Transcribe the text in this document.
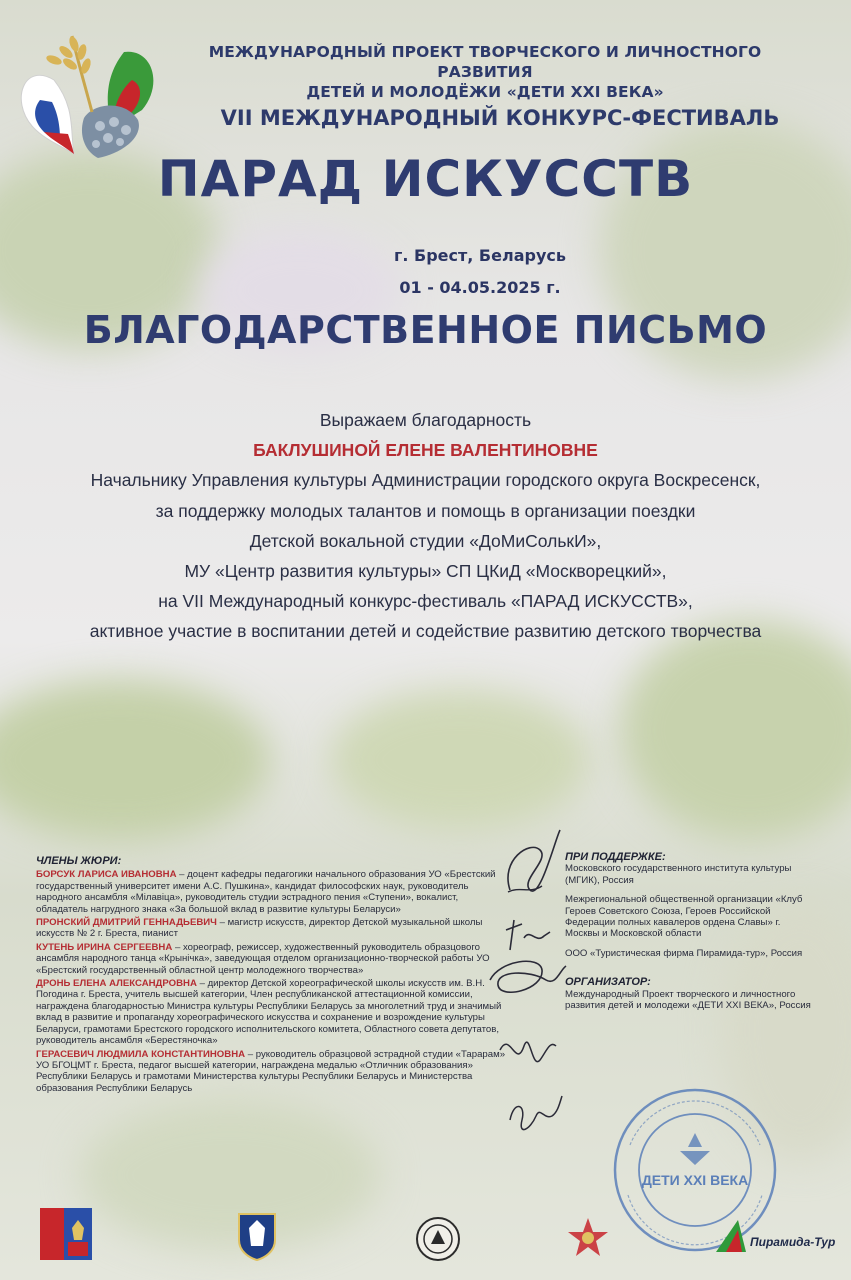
МЕЖДУНАРОДНЫЙ ПРОЕКТ ТВОРЧЕСКОГО И ЛИЧНОСТНОГО РАЗВИТИЯ
ДЕТЕЙ И МОЛОДЁЖИ «ДЕТИ XXI ВЕКА»
VII МЕЖДУНАРОДНЫЙ КОНКУРС-ФЕСТИВАЛЬ
ПАРАД ИСКУССТВ
г. Брест, Беларусь
01 - 04.05.2025 г.
БЛАГОДАРСТВЕННОЕ ПИСЬМО
Выражаем благодарность
БАКЛУШИНОЙ ЕЛЕНЕ ВАЛЕНТИНОВНЕ
Начальнику Управления культуры Администрации городского округа Воскресенск,
за поддержку молодых талантов и помощь в организации поездки
Детской вокальной студии «ДоМиСолькИ»,
МУ «Центр развития культуры» СП ЦКиД «Москворецкий»,
на VII Международный конкурс-фестиваль «ПАРАД ИСКУССТВ»,
активное участие в воспитании детей и содействие развитию детского творчества
ЧЛЕНЫ ЖЮРИ:
БОРСУК ЛАРИСА ИВАНОВНА – доцент кафедры педагогики начального образования УО «Брестский государственный университет имени А.С. Пушкина», кандидат философских наук, руководитель народного ансамбля «Мілавіца», руководитель студии эстрадного пения «Ступени», вокалист, обладатель нагрудного знака «За большой вклад в развитие культуры Беларуси»
ПРОНСКИЙ ДМИТРИЙ ГЕННАДЬЕВИЧ – магистр искусств, директор Детской музыкальной школы искусств № 2 г. Бреста, пианист
КУТЕНЬ ИРИНА СЕРГЕЕВНА – хореограф, режиссер, художественный руководитель образцового ансамбля народного танца «Крынічка», заведующая отделом организационно-творческой работы УО «Брестский государственный областной центр молодежного творчества»
ДРОНЬ ЕЛЕНА АЛЕКСАНДРОВНА – директор Детской хореографической школы искусств им. В.Н. Погодина г. Бреста, учитель высшей категории, Член республиканской аттестационной комиссии, награждена благодарностью Министра культуры Республики Беларусь за многолетний труд и значимый вклад в развитие и пропаганду хореографического искусства и сохранение и возрождение культуры Беларуси, грамотами Брестского городского исполнительского комитета, Областного совета депутатов, руководитель ансамбля «Берестяночка»
ГЕРАСЕВИЧ ЛЮДМИЛА КОНСТАНТИНОВНА – руководитель образцовой эстрадной студии «Тарарам» УО БГОЦМТ г. Бреста, педагог высшей категории, награждена медалью «Отличник образования» Республики Беларусь и грамотами Министерства культуры Республики Беларусь и Министерства образования Республики Беларусь
ПРИ ПОДДЕРЖКЕ:

Московского государственного института культуры (МГИК), Россия

Межрегиональной общественной организации «Клуб Героев Советского Союза, Героев Российской Федерации полных кавалеров ордена Славы» г. Москвы и Московской области

ООО «Туристическая фирма Пирамида-тур», Россия

ОРГАНИЗАТОР:

Международный Проект творческого и личностного развития детей и молодежи «ДЕТИ XXI ВЕКА», Россия

ДЕТИ XXI ВЕКА
Пирамида-Тур
